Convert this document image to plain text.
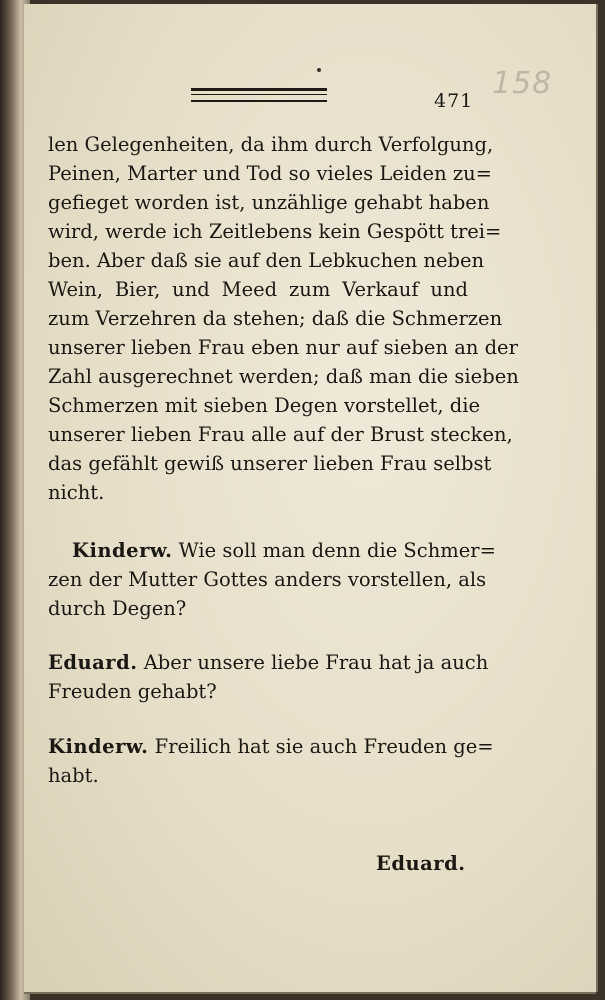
471 158
len Gelegenheiten, da ihm durch Verfolgung,
Peinen, Marter und Tod so vieles Leiden zu=
gefieget worden ist, unzählige gehabt haben
wird, werde ich Zeitlebens kein Gespött trei=
ben. Aber daß sie auf den Lebkuchen neben
Wein, Bier, und Meed zum Verkauf und
zum Verzehren da stehen; daß die Schmerzen
unserer lieben Frau eben nur auf sieben an der
Zahl ausgerechnet werden; daß man die sieben
Schmerzen mit sieben Degen vorstellet, die
unserer lieben Frau alle auf der Brust stecken,
das gefählt gewiß unserer lieben Frau selbst
nicht.
Kinderw. Wie soll man denn die Schmer=
zen der Mutter Gottes anders vorstellen, als
durch Degen?
Eduard. Aber unsere liebe Frau hat ja auch
Freuden gehabt?
Kinderw. Freilich hat sie auch Freuden ge=
habt.
Eduard.
